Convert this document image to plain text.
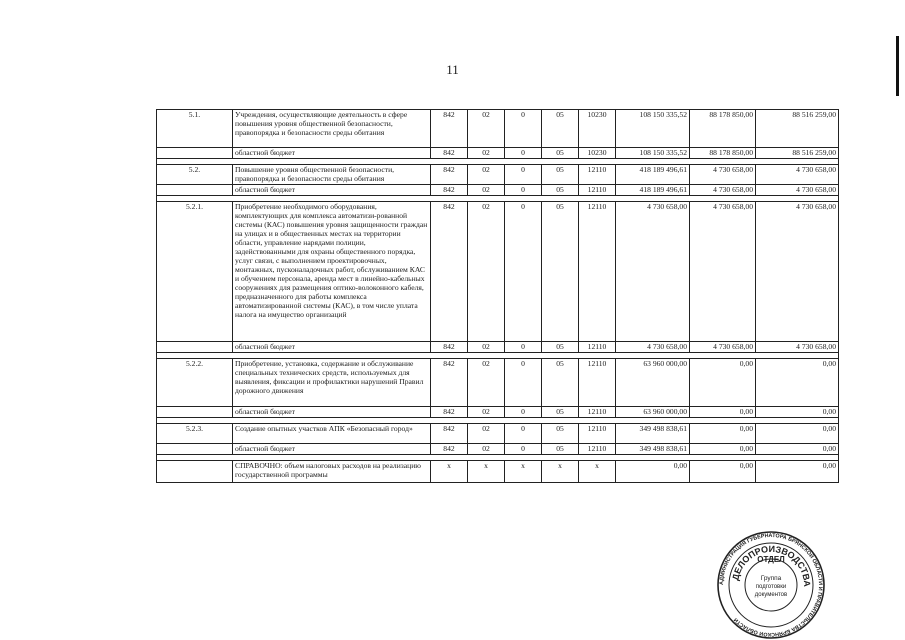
11
5.1.	Учреждения, осуществляющие деятельность в сфере повышения уровня общественной безопасности, правопорядка и безопасности среды обитания	842	02	0	05	10230	108 150 335,52	88 178 850,00	88 516 259,00
	областной бюджет	842	02	0	05	10230	108 150 335,52	88 178 850,00	88 516 259,00

5.2.	Повышение уровня общественной безопасности, правопорядка и безопасности среды обитания	842	02	0	05	12110	418 189 496,61	4 730 658,00	4 730 658,00
	областной бюджет	842	02	0	05	12110	418 189 496,61	4 730 658,00	4 730 658,00

5.2.1.	Приобретение необходимого оборудования, комплектующих для комплекса автоматизи-рованной системы (КАС) повышения уровня защищенности граждан на улицах и в общественных местах на территории области, управление нарядами полиции, задействованными для охраны общественного порядка, услуг связи, с выполнением проектировочных, монтажных, пусконаладочных работ, обслуживанием КАС и обучением персонала, аренда мест в линейно-кабельных сооружениях для размещения оптико-волоконного кабеля, предназначенного для работы комплекса автоматизированной системы (КАС), в том числе уплата налога на имущество организаций	842	02	0	05	12110	4 730 658,00	4 730 658,00	4 730 658,00
	областной бюджет	842	02	0	05	12110	4 730 658,00	4 730 658,00	4 730 658,00

5.2.2.	Приобретение, установка, содержание и обслуживание специальных технических средств, используемых для выявления, фиксации и профилактики нарушений Правил дорожного движения	842	02	0	05	12110	63 960 000,00	0,00	0,00
	областной бюджет	842	02	0	05	12110	63 960 000,00	0,00	0,00

5.2.3.	Создание опытных участков АПК «Безопасный город»	842	02	0	05	12110	349 498 838,61	0,00	0,00
	областной бюджет	842	02	0	05	12110	349 498 838,61	0,00	0,00

	СПРАВОЧНО: объем налоговых расходов на реализацию государственной программы	х	х	х	х	х	0,00	0,00	0,00
АДМИНИСТРАЦИЯ ГУБЕРНАТОРА БРЯНСКОЙ ОБЛАСТИ И ПРАВИТЕЛЬСТВА БРЯНСКОЙ ОБЛАСТИ
ДЕЛОПРОИЗВОДСТВА
ОТДЕЛ
Группа
подготовки
документов
